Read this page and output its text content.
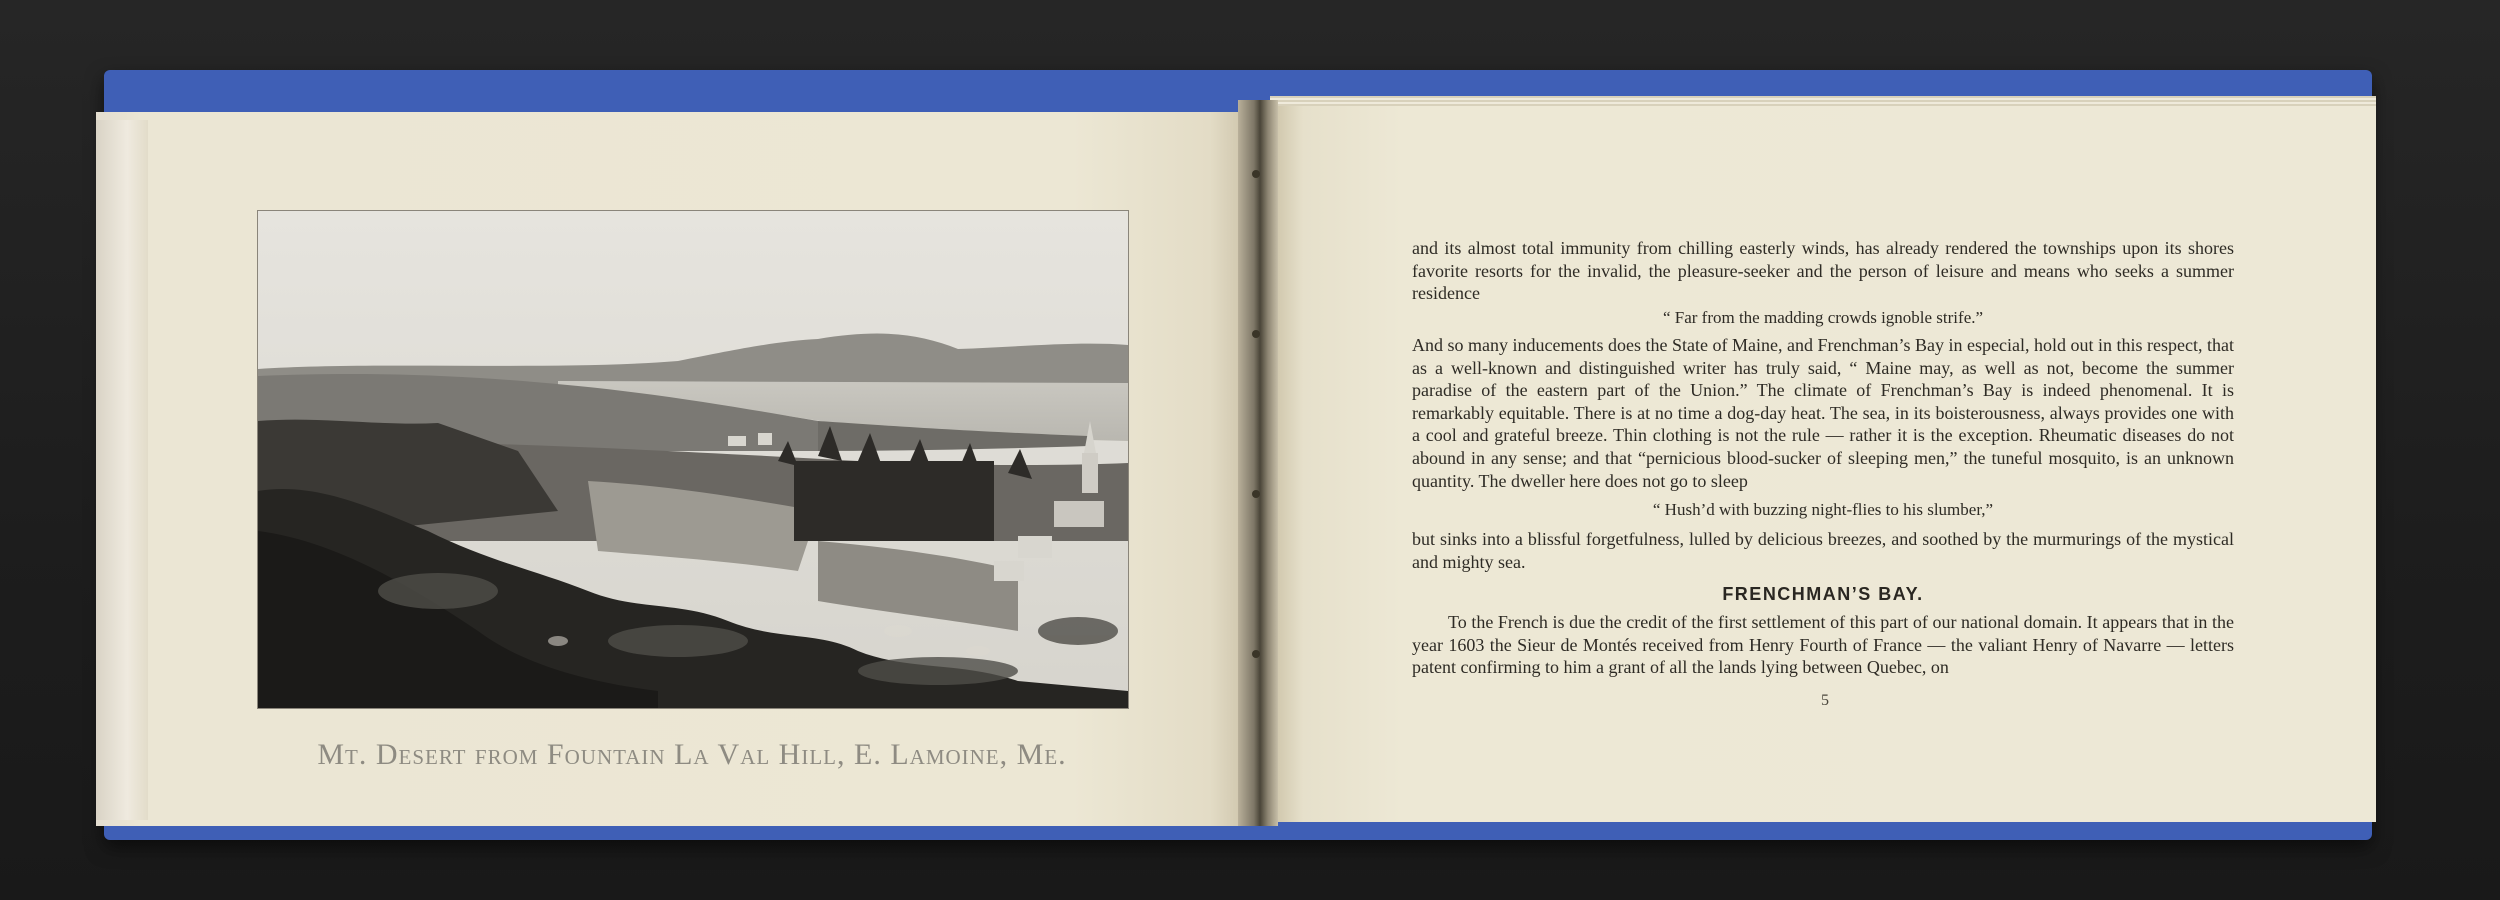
Mt. Desert from Fountain La Val Hill, E. Lamoine, Me.
and its almost total immunity from chilling easterly winds, has already rendered the townships upon its shores favorite resorts for the invalid, the pleasure-seeker and the person of leisure and means who seeks a summer residence
“ Far from the madding crowds ignoble strife.”
And so many inducements does the State of Maine, and Frenchman’s Bay in especial, hold out in this respect, that as a well-known and distinguished writer has truly said, “ Maine may, as well as not, become the summer paradise of the eastern part of the Union.” The climate of Frenchman’s Bay is indeed phenomenal. It is remarkably equitable. There is at no time a dog-day heat. The sea, in its boisterousness, always provides one with a cool and grateful breeze. Thin clothing is not the rule — rather it is the exception. Rheumatic diseases do not abound in any sense; and that “pernicious blood-sucker of sleeping men,” the tuneful mosquito, is an unknown quantity. The dweller here does not go to sleep
“ Hush’d with buzzing night-flies to his slumber,”
but sinks into a blissful forgetfulness, lulled by delicious breezes, and soothed by the murmurings of the mystical and mighty sea.
FRENCHMAN’S BAY.
To the French is due the credit of the first settlement of this part of our national domain. It appears that in the year 1603 the Sieur de Montés received from Henry Fourth of France — the valiant Henry of Navarre — letters patent confirming to him a grant of all the lands lying between Quebec, on
5
